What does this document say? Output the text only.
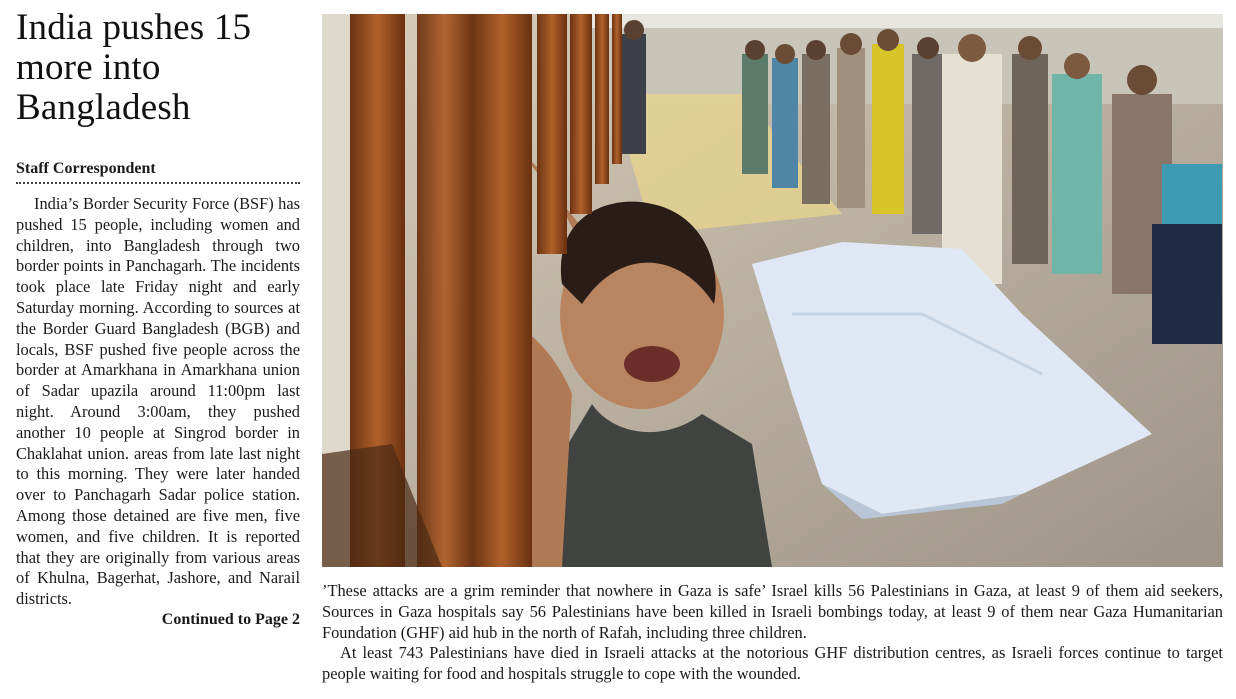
India pushes 15 more into Bangladesh
Staff Correspondent
India’s Border Security Force (BSF) has pushed 15 people, including women and children, into Bangladesh through two border points in Panchagarh. The incidents took place late Friday night and early Saturday morning. According to sources at the Border Guard Bangladesh (BGB) and locals, BSF pushed five people across the border at Amarkhana in Amarkhana union of Sadar upazila around 11:00pm last night. Around 3:00am, they pushed another 10 people at Singrod border in Chaklahat union. areas from late last night to this morning. They were later handed over to Panchagarh Sadar police station. Among those detained are five men, five women, and five children. It is reported that they are originally from various areas of Khulna, Bagerhat, Jashore, and Narail districts.
Continued to Page 2

’These attacks are a grim reminder that nowhere in Gaza is safe’ Israel kills 56 Palestinians in Gaza, at least 9 of them aid seekers, Sources in Gaza hospitals say 56 Palestinians have been killed in Israeli bombings today, at least 9 of them near Gaza Humanitarian Foundation (GHF) aid hub in the north of Rafah, including three children.

At least 743 Palestinians have died in Israeli attacks at the notorious GHF distribution centres, as Israeli forces continue to target people waiting for food and hospitals struggle to cope with the wounded.
